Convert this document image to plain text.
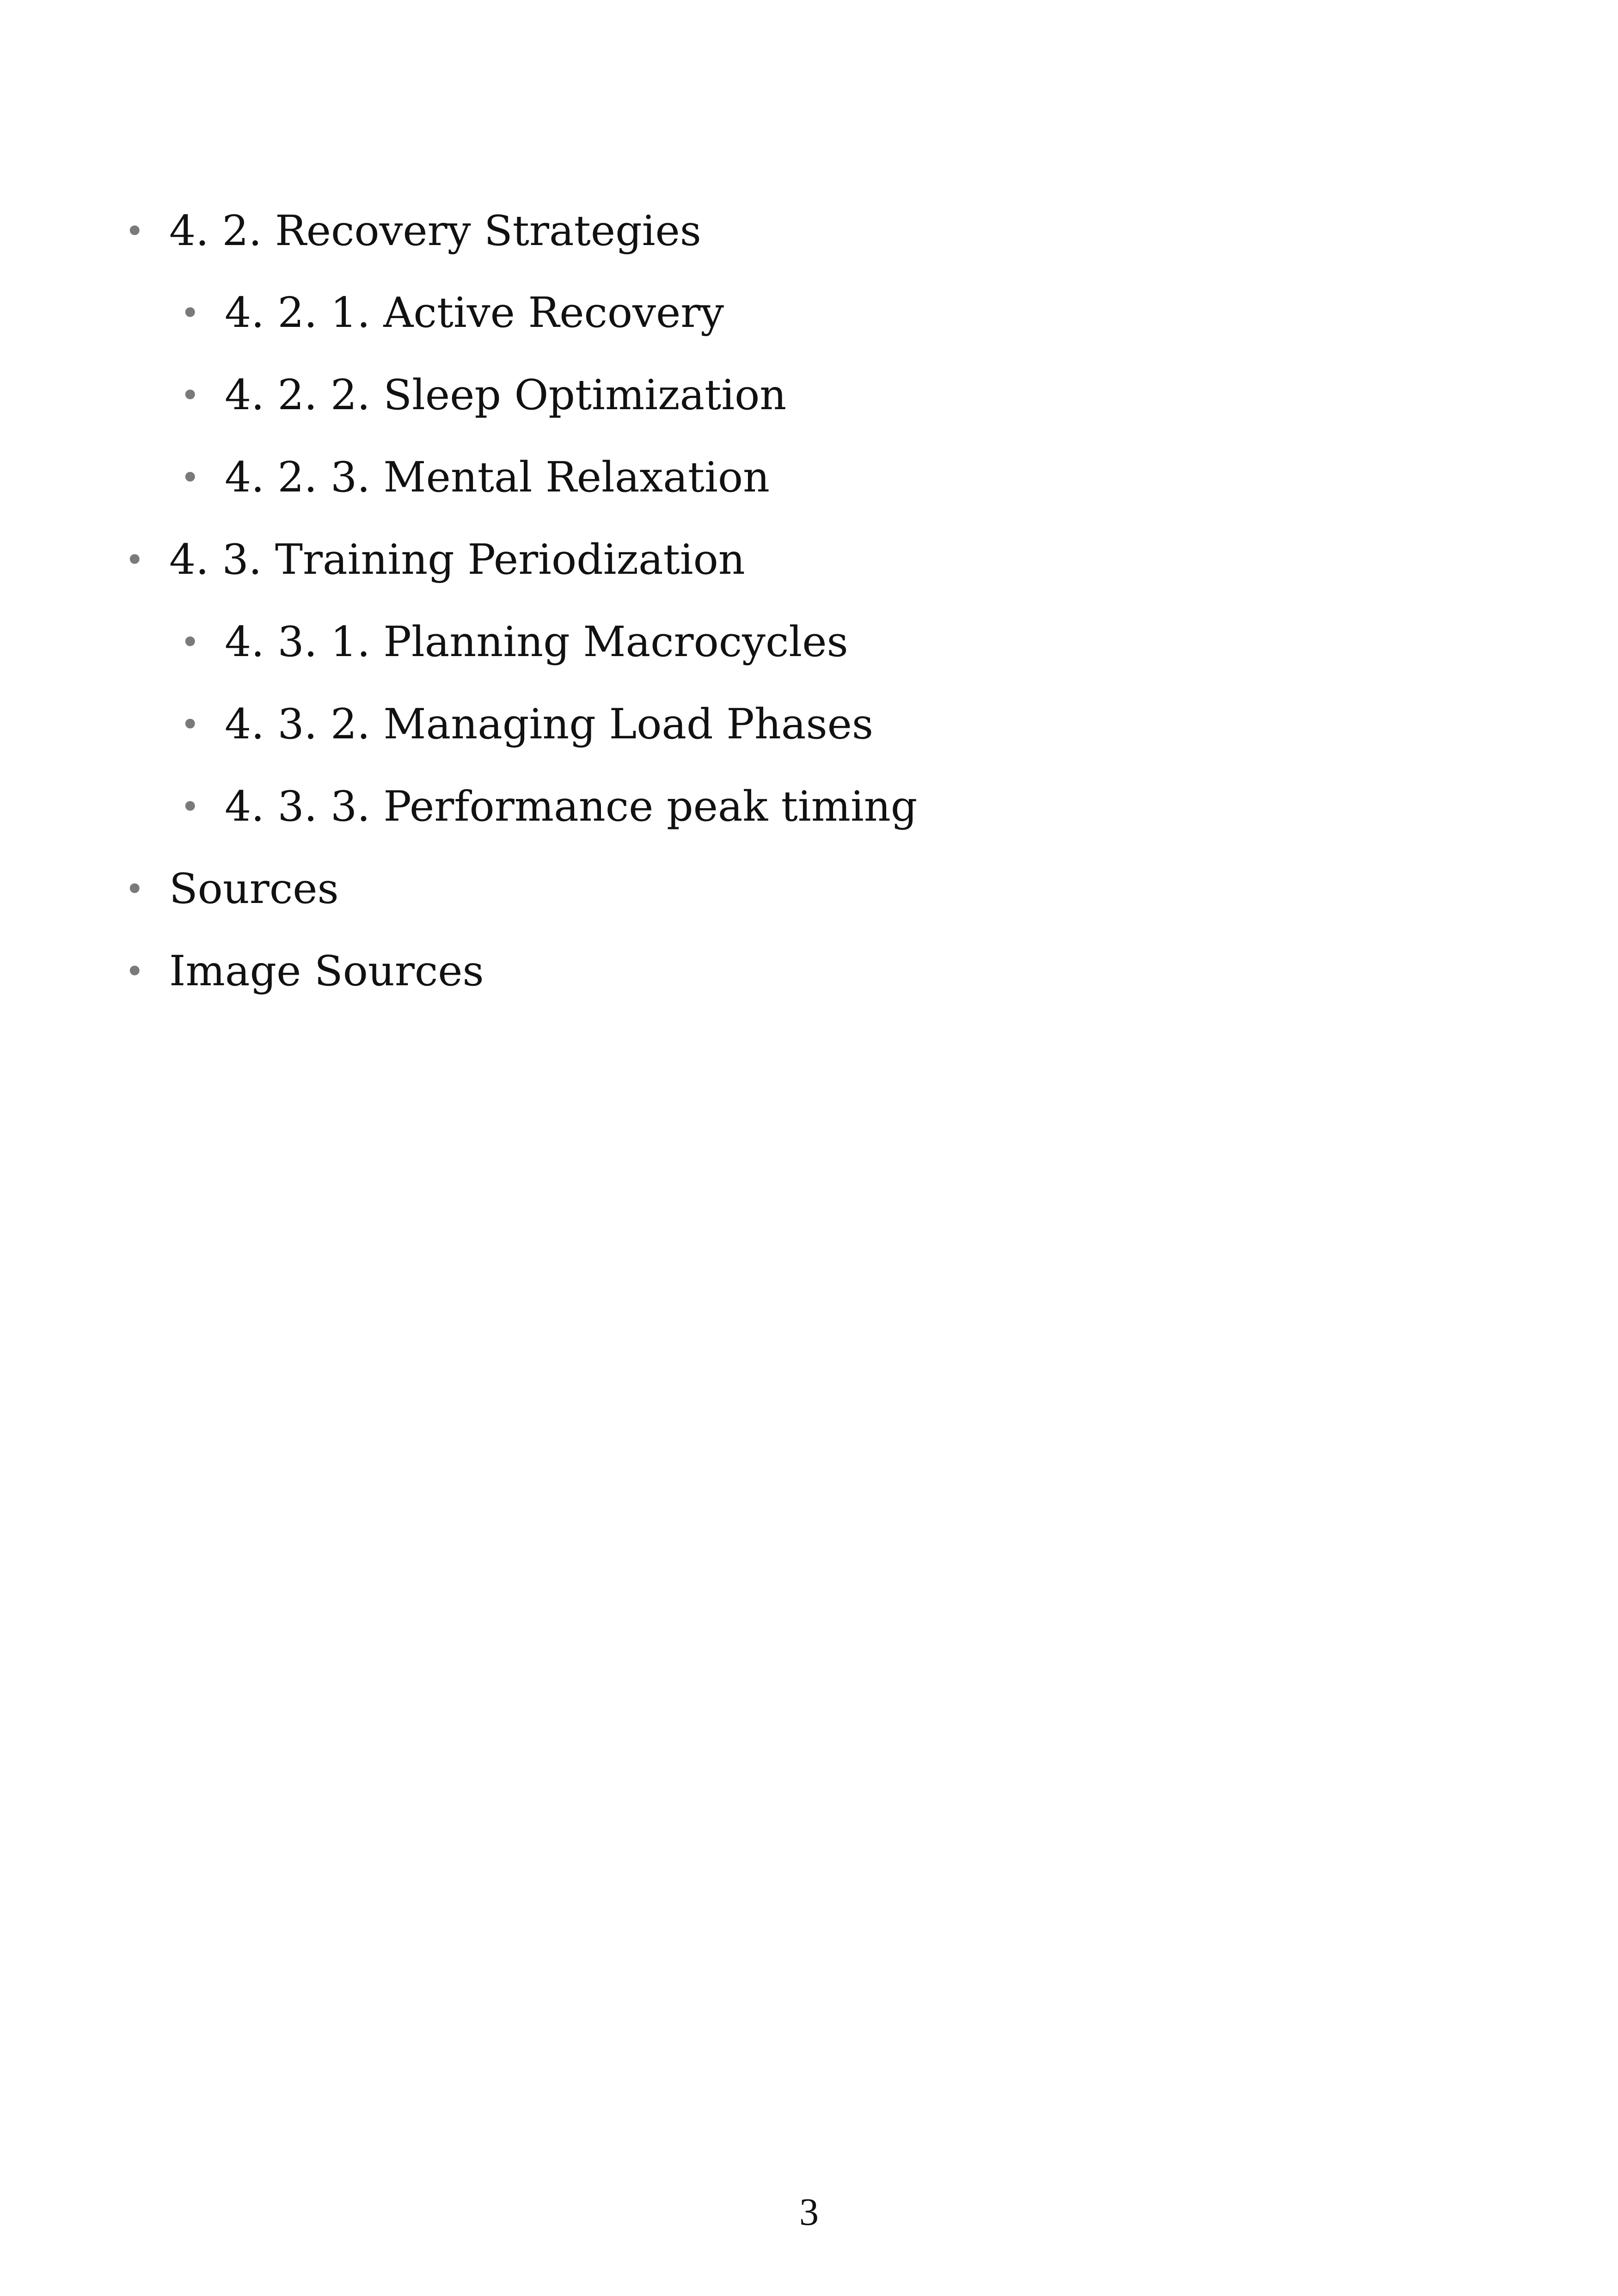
• 4. 2. Recovery Strategies
• 4. 2. 1. Active Recovery
• 4. 2. 2. Sleep Optimization
• 4. 2. 3. Mental Relaxation
• 4. 3. Training Periodization
• 4. 3. 1. Planning Macrocycles
• 4. 3. 2. Managing Load Phases
• 4. 3. 3. Performance peak timing
• Sources
• Image Sources
3
